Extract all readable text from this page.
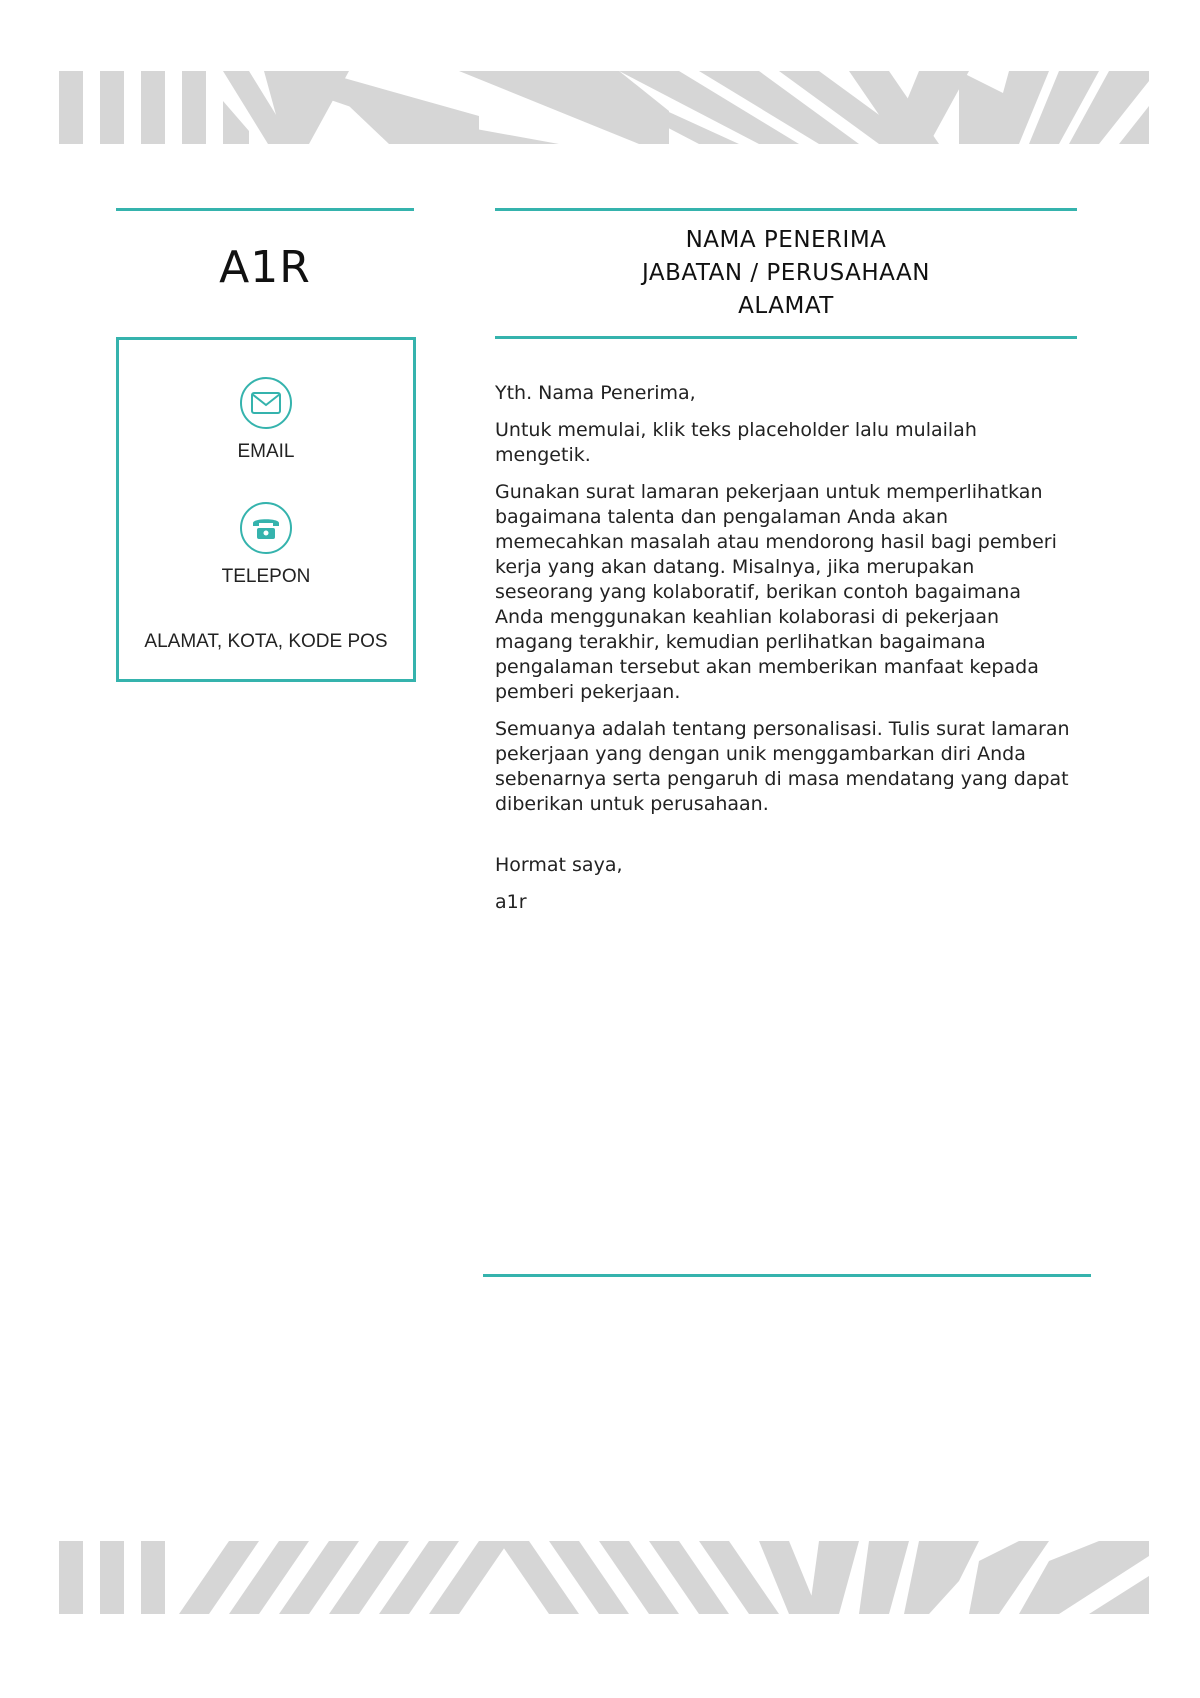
A1R
EMAIL
TELEPON
ALAMAT, KOTA, KODE POS
NAMA PENERIMA
JABATAN / PERUSAHAAN
ALAMAT

Yth. Nama Penerima,

Untuk memulai, klik teks placeholder lalu mulailah mengetik.

Gunakan surat lamaran pekerjaan untuk memperlihatkan bagaimana talenta dan pengalaman Anda akan memecahkan masalah atau mendorong hasil bagi pemberi kerja yang akan datang. Misalnya, jika merupakan seseorang yang kolaboratif, berikan contoh bagaimana Anda menggunakan keahlian kolaborasi di pekerjaan magang terakhir, kemudian perlihatkan bagaimana pengalaman tersebut akan memberikan manfaat kepada pemberi pekerjaan.

Semuanya adalah tentang personalisasi. Tulis surat lamaran pekerjaan yang dengan unik menggambarkan diri Anda sebenarnya serta pengaruh di masa mendatang yang dapat diberikan untuk perusahaan.

Hormat saya,

a1r
